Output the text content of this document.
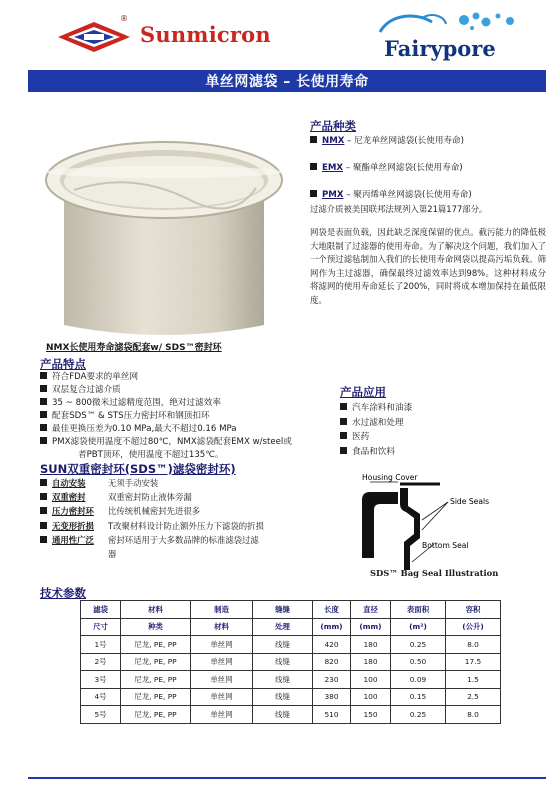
®
Sunmicron
Fairypore
单丝网滤袋 – 长使用寿命
NMX长使用寿命滤袋配套w/ SDS™密封环
产品种类
NMX – 尼龙单丝网滤袋(长使用寿命)
EMX – 聚酯单丝网滤袋(长使用寿命)
PMX – 聚丙烯单丝网滤袋(长使用寿命)
过滤介质被美国联邦法规列入第21篇177部分。
网袋是表面负载，因此缺乏深度保留的优点。截污能力的降低极大地限制了过滤器的使用寿命。为了解决这个问题，我们加入了一个预过滤毡制加入我们的长使用寿命网袋以提高污垢负载。筛网作为主过滤器，确保最终过滤效率达到98%。这种材料成分将滤网的使用寿命延长了200%，同时将成本增加保持在最低限度。
产品特点
符合FDA要求的单丝网
双层复合过滤介质
35 ~ 800微米过滤精度范围，绝对过滤效率
配套SDS™ & STS压力密封环和钢顶扣环
最佳更换压差为0.10 MPa,最大不超过0.16 MPa
PMX滤袋使用温度不超过80℃，NMX滤袋配套EMX w/steel或
者PBT顶环，使用温度不超过135℃。
产品应用
汽车涂料和油漆
水过滤和处理
医药
食品和饮料
SUN双重密封环(SDS™)滤袋密封环)
自动安装	无须手动安装
双重密封	双重密封防止液体旁漏
压力密封环 比传统机械密封先进很多
无变形折损 T改聚材料设计防止额外压力下滤袋的折损
通用性广泛 密封环适用于大多数品牌的标准滤袋过滤
器
Housing Cover
Side Seals
Bottom Seal
SDS™ Bag Seal Illustration
技术参数
滤袋	材料	制造	缝缝	长度	直径	表面积	容积
尺寸	种类	材料	处理	(mm)	(mm)	(m²)	(公升)
1号	尼龙, PE, PP	单丝网	线缝	420	180	0.25	8.0
2号	尼龙, PE, PP	单丝网	线缝	820	180	0.50	17.5
3号	尼龙, PE, PP	单丝网	线缝	230	100	0.09	1.5
4号	尼龙, PE, PP	单丝网	线缝	380	100	0.15	2.5
5号	尼龙, PE, PP	单丝网	线缝	510	150	0.25	8.0
